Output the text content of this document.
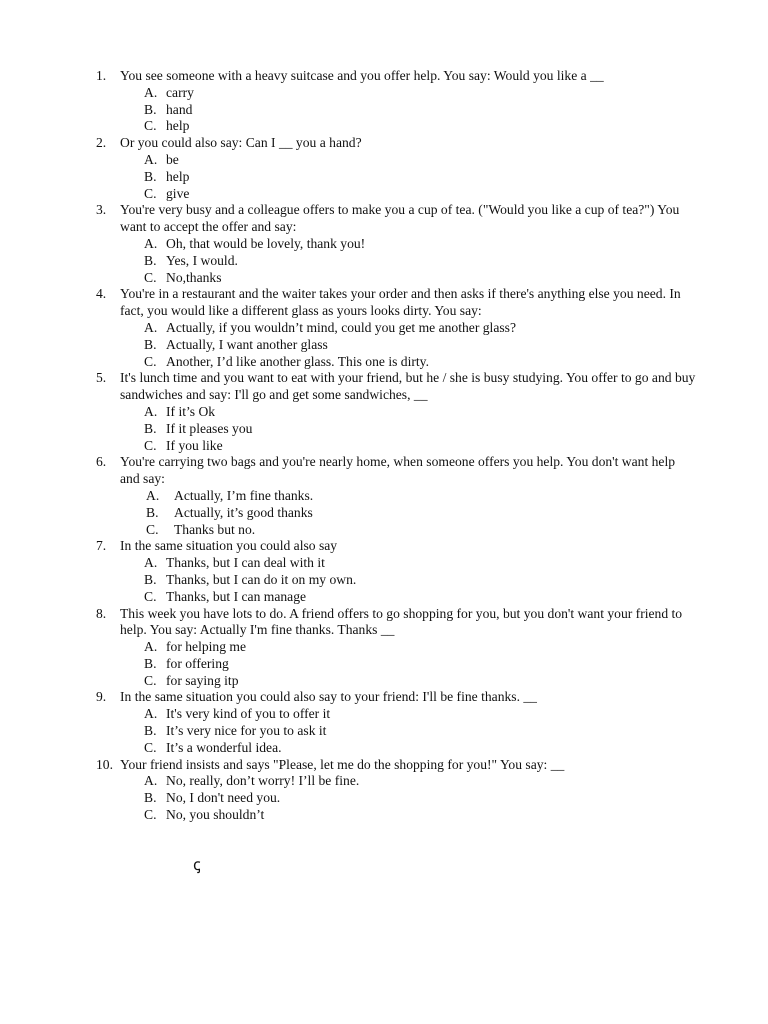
1.	You see someone with a heavy suitcase and you offer help. You say: Would you like a __
A. carry
B. hand
C. help
2.	Or you could also say: Can I __ you a hand?
A. be
B. help
C. give
3.	You're very busy and a colleague offers to make you a cup of tea. ("Would you like a cup of tea?") You want to accept the offer and say:
A. Oh, that would be lovely, thank you!
B. Yes, I would.
C. No,thanks
4.	You're in a restaurant and the waiter takes your order and then asks if there's anything else you need. In fact, you would like a different glass as yours looks dirty. You say:
A. Actually, if you wouldn’t mind, could you get me another glass?
B. Actually, I want another glass
C. Another, I’d like another glass. This one is dirty.
5.	It's lunch time and you want to eat with your friend, but he / she is busy studying. You offer to go and buy sandwiches and say: I'll go and get some sandwiches, __
A. If it’s Ok
B. If it pleases you
C. If you like
6.	You're carrying two bags and you're nearly home, when someone offers you help. You don't want help and say:
A.	Actually, I’m fine thanks.
B.	Actually, it’s good thanks
C.	Thanks but no.
7.	In the same situation you could also say
A. Thanks, but I can deal with it
B. Thanks, but I can do it on my own.
C. Thanks, but I can manage
8.	This week you have lots to do. A friend offers to go shopping for you, but you don't want your friend to help. You say: Actually I'm fine thanks. Thanks __
A. for helping me
B. for offering
C. for saying itp
9.	In the same situation you could also say to your friend: I'll be fine thanks. __
A. It's very kind of you to offer it
B. It’s very nice for you to ask it
C. It’s a wonderful idea.
10. Your friend insists and says "Please, let me do the shopping for you!" You say: __
A. No, really, don’t worry! I’ll be fine.
B. No, I don't need you.
C. No, you shouldn’t
ꞔ
